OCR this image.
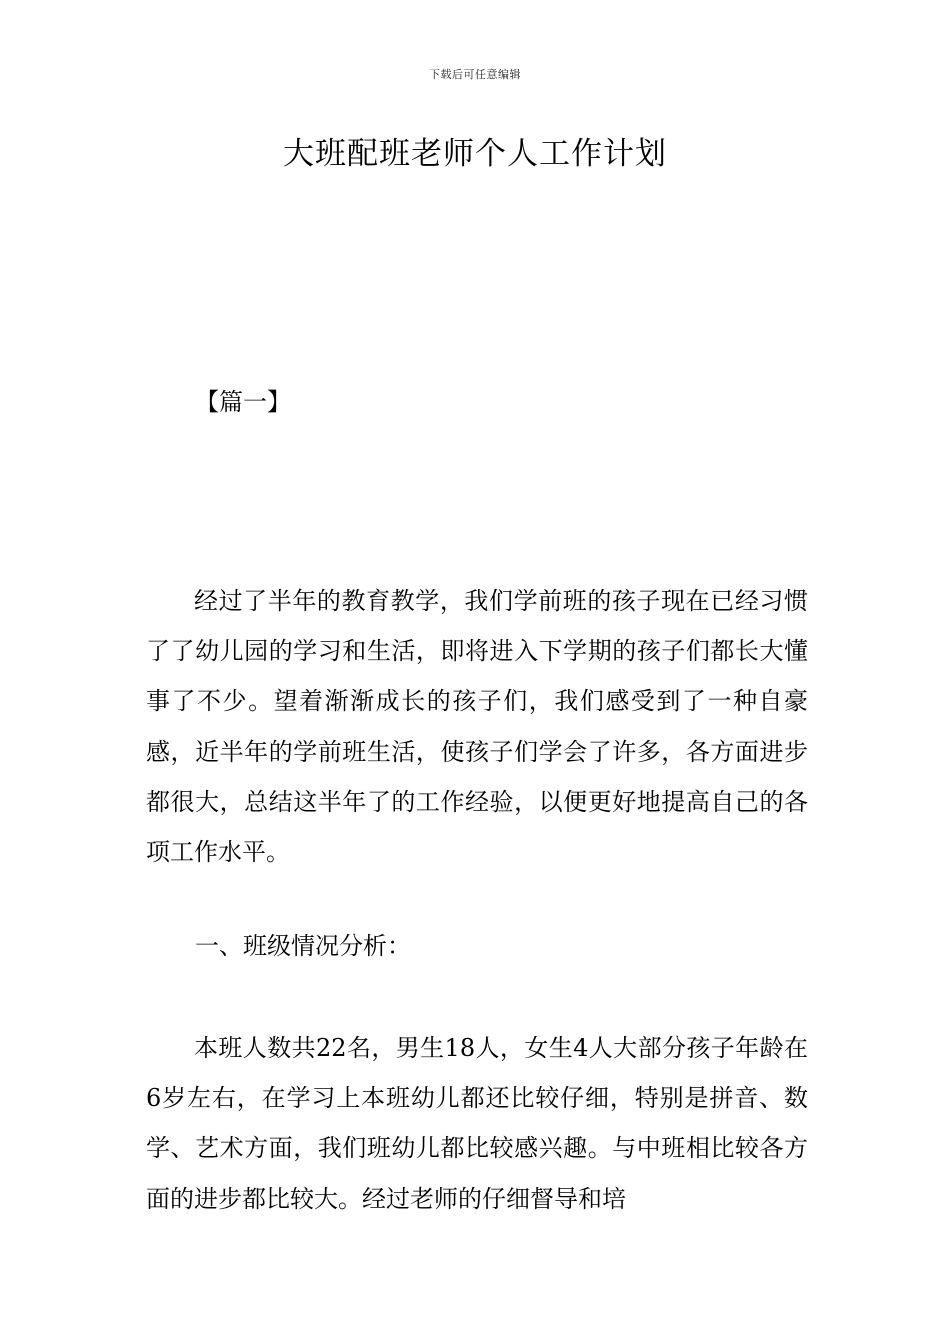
下载后可任意编辑
大班配班老师个人工作计划
【篇一】

经过了半年的教育教学，我们学前班的孩子现在已经习惯了了幼儿园的学习和生活，即将进入下学期的孩子们都长大懂事了不少。望着渐渐成长的孩子们，我们感受到了一种自豪感，近半年的学前班生活，使孩子们学会了许多，各方面进步都很大，总结这半年了的工作经验，以便更好地提高自己的各项工作水平。

一、班级情况分析：

本班人数共22名，男生18人，女生4人大部分孩子年龄在6岁左右，在学习上本班幼儿都还比较仔细，特别是拼音、数学、艺术方面，我们班幼儿都比较感兴趣。与中班相比较各方面的进步都比较大。经过老师的仔细督导和培
